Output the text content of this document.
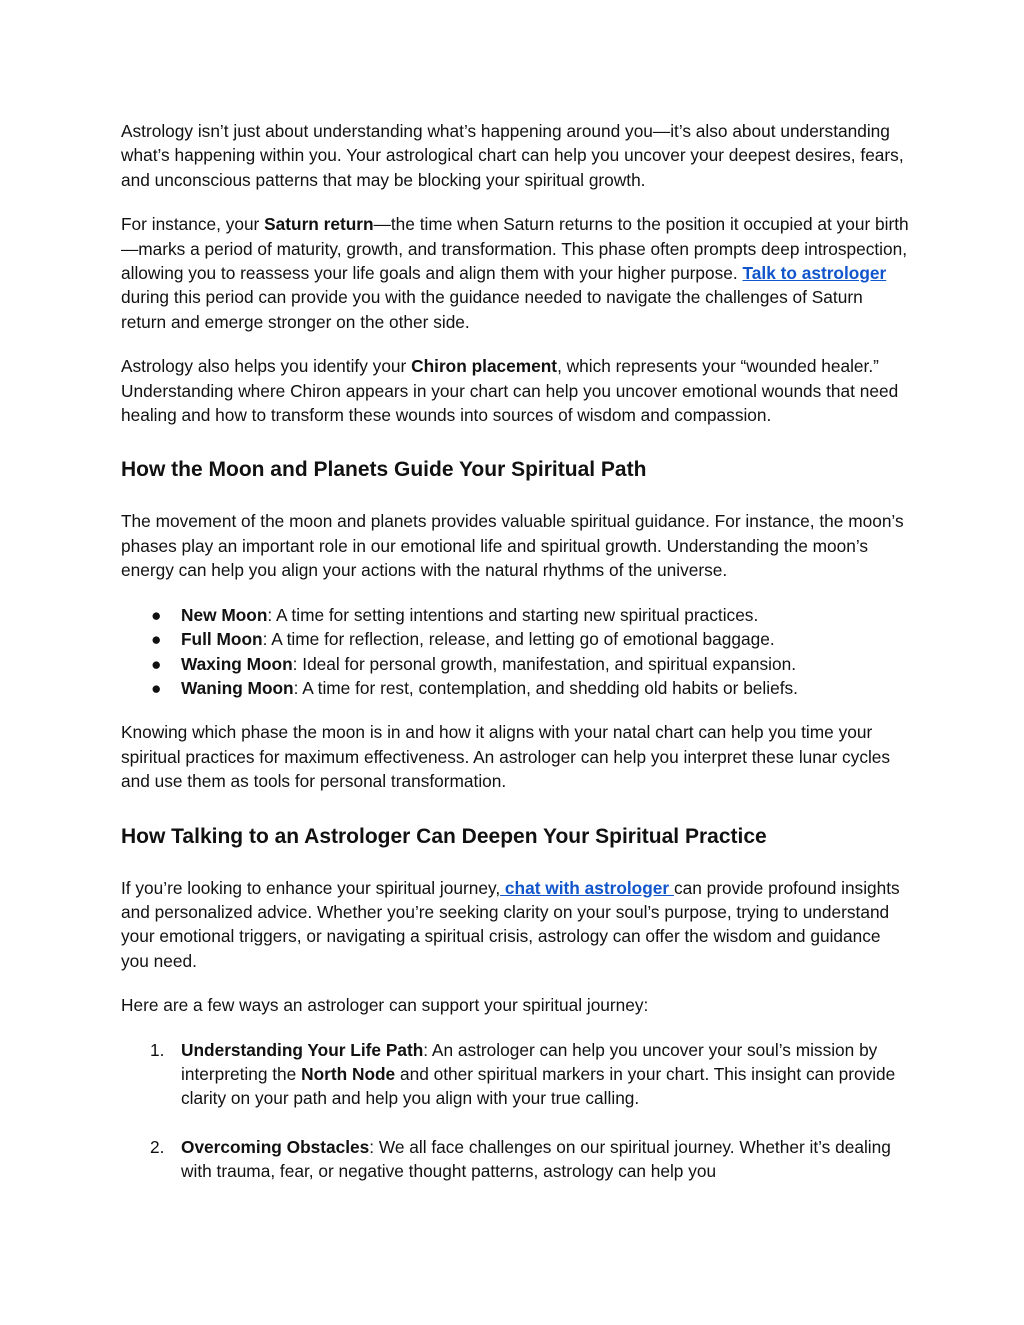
Astrology isn’t just about understanding what’s happening around you—it’s also about understanding what’s happening within you. Your astrological chart can help you uncover your deepest desires, fears, and unconscious patterns that may be blocking your spiritual growth.

For instance, your Saturn return—the time when Saturn returns to the position it occupied at your birth—marks a period of maturity, growth, and transformation. This phase often prompts deep introspection, allowing you to reassess your life goals and align them with your higher purpose. Talk to astrologer during this period can provide you with the guidance needed to navigate the challenges of Saturn return and emerge stronger on the other side.

Astrology also helps you identify your Chiron placement, which represents your “wounded healer.” Understanding where Chiron appears in your chart can help you uncover emotional wounds that need healing and how to transform these wounds into sources of wisdom and compassion.

How the Moon and Planets Guide Your Spiritual Path

The movement of the moon and planets provides valuable spiritual guidance. For instance, the moon’s phases play an important role in our emotional life and spiritual growth. Understanding the moon’s energy can help you align your actions with the natural rhythms of the universe.

● New Moon: A time for setting intentions and starting new spiritual practices.
● Full Moon: A time for reflection, release, and letting go of emotional baggage.
● Waxing Moon: Ideal for personal growth, manifestation, and spiritual expansion.
● Waning Moon: A time for rest, contemplation, and shedding old habits or beliefs.

Knowing which phase the moon is in and how it aligns with your natal chart can help you time your spiritual practices for maximum effectiveness. An astrologer can help you interpret these lunar cycles and use them as tools for personal transformation.

How Talking to an Astrologer Can Deepen Your Spiritual Practice

If you’re looking to enhance your spiritual journey, chat with astrologer can provide profound insights and personalized advice. Whether you’re seeking clarity on your soul’s purpose, trying to understand your emotional triggers, or navigating a spiritual crisis, astrology can offer the wisdom and guidance you need.

Here are a few ways an astrologer can support your spiritual journey:

1. Understanding Your Life Path: An astrologer can help you uncover your soul’s mission by interpreting the North Node and other spiritual markers in your chart. This insight can provide clarity on your path and help you align with your true calling.
2. Overcoming Obstacles: We all face challenges on our spiritual journey. Whether it’s dealing with trauma, fear, or negative thought patterns, astrology can help you
